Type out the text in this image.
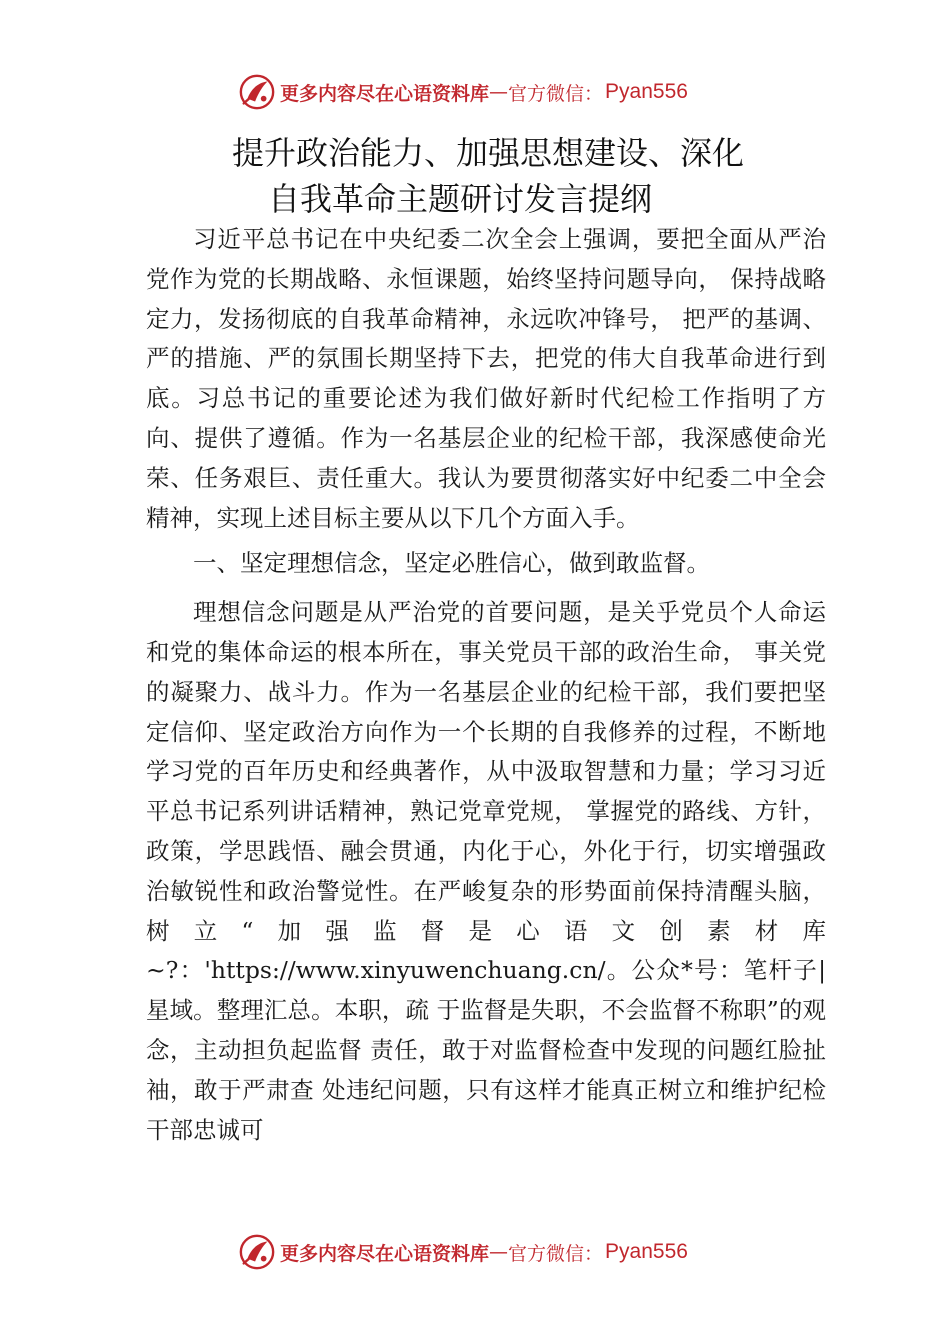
更多内容尽在心语资料库 — 官方微信： Pyan556
提升政治能力、加强思想建设、深化
自我革命主题研讨发言提纲

习近平总书记在中央纪委二次全会上强调，要把全面从严治党作为党的长期战略、永恒课题，始终坚持问题导向， 保持战略定力，发扬彻底的自我革命精神，永远吹冲锋号， 把严的基调、严的措施、严的氛围长期坚持下去，把党的伟大自我革命进行到底。习总书记的重要论述为我们做好新时代纪检工作指明了方向、提供了遵循。作为一名基层企业的纪检干部，我深感使命光荣、任务艰巨、责任重大。我认为要贯彻落实好中纪委二中全会精神，实现上述目标主要从以下几个方面入手。

一、坚定理想信念，坚定必胜信心，做到敢监督。

理想信念问题是从严治党的首要问题，是关乎党员个人命运和党的集体命运的根本所在，事关党员干部的政治生命， 事关党的凝聚力、战斗力。作为一名基层企业的纪检干部，我们要把坚定信仰、坚定政治方向作为一个长期的自我修养的过程，不断地学习党的百年历史和经典著作，从中汲取智慧和力量；学习习近平总书记系列讲话精神，熟记党章党规， 掌握党的路线、方针，政策，学思践悟、融会贯通，内化于心，外化于行，切实增强政治敏锐性和政治警觉性。在严峻复杂的形势面前保持清醒头脑，树立“加强监督是心语文创素材库~?：'https://www.xinyuwenchuang.cn/。公众*号：笔杆子|星域。整理汇总。本职，疏 于监督是失职，不会监督不称职”的观念，主动担负起监督 责任，敢于对监督检查中发现的问题红脸扯袖，敢于严肃查 处违纪问题，只有这样才能真正树立和维护纪检干部忠诚可

更多内容尽在心语资料库 — 官方微信： Pyan556
